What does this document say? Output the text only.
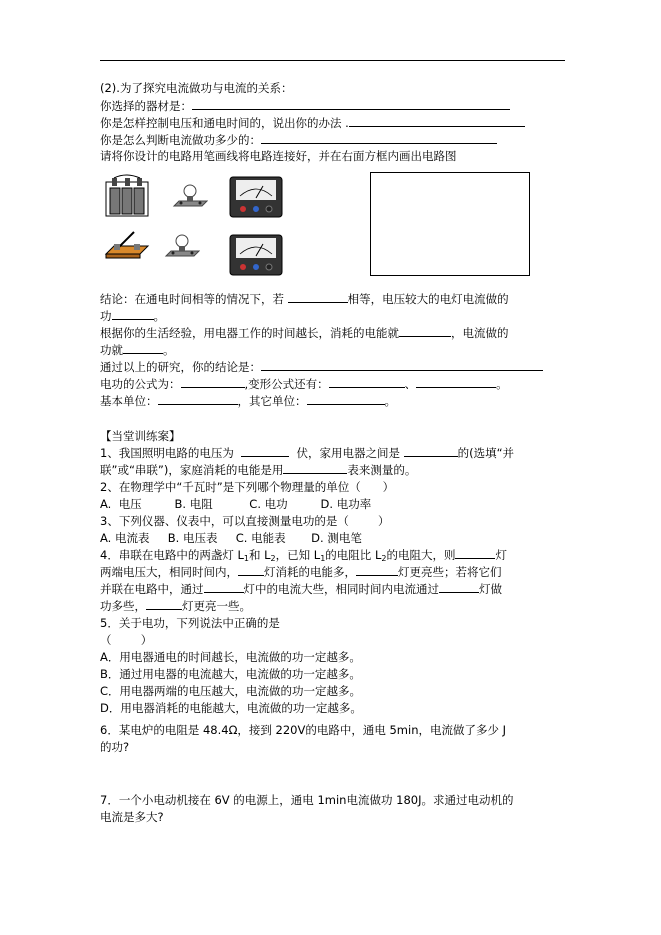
(2).为了探究电流做功与电流的关系：
你选择的器材是：
你是怎样控制电压和通电时间的，说出你的办法 .
你是怎么判断电流做功多少的：
请将你设计的电路用笔画线将电路连接好，并在右面方框内画出电路图
结论：在通电时间相等的情况下，若	相等，电压较大的电灯电流做的
功	。
根据你的生活经验，用电器工作的时间越长，消耗的电能就	，电流做的
功就	。
通过以上的研究，你的结论是：
电功的公式为：	,变形公式还有：	、	。
基本单位：	，其它单位：	。
【当堂训练案】
1、我国照明电路的电压为	伏，家用电器之间是	的(选填“并
联”或“串联”)，家庭消耗的电能是用	表来测量的。
2、在物理学中“千瓦时”是下列哪个物理量的单位（      ）
A.  电压         B. 电阻          C. 电功         D. 电功率
3、下列仪器、仪表中，可以直接测量电功的是（        ）
A. 电流表     B. 电压表     C. 电能表       D. 测电笔
4．串联在电路中的两盏灯 $L_1$和 $L_2$，已知 $L_1$的电阻比 $L_2$的电阻大，则	灯
两端电压大，相同时间内， 灯消耗的电能多，	灯更亮些；若将它们
并联在电路中，通过	灯中的电流大些，相同时间内电流通过	灯做
功多些，	灯更亮一些。
5．关于电功，下列说法中正确的是
（        ）
A．用电器通电的时间越长，电流做的功一定越多。
B．通过用电器的电流越大，电流做的功一定越多。
C．用电器两端的电压越大，电流做的功一定越多。
D．用电器消耗的电能越大，电流做的功一定越多。
6．某电炉的电阻是 48.4Ω，接到 220V的电路中，通电 5min，电流做了多少 J
的功?
7．一个小电动机接在 6V 的电源上，通电 1min电流做功 180J。求通过电动机的
电流是多大?
